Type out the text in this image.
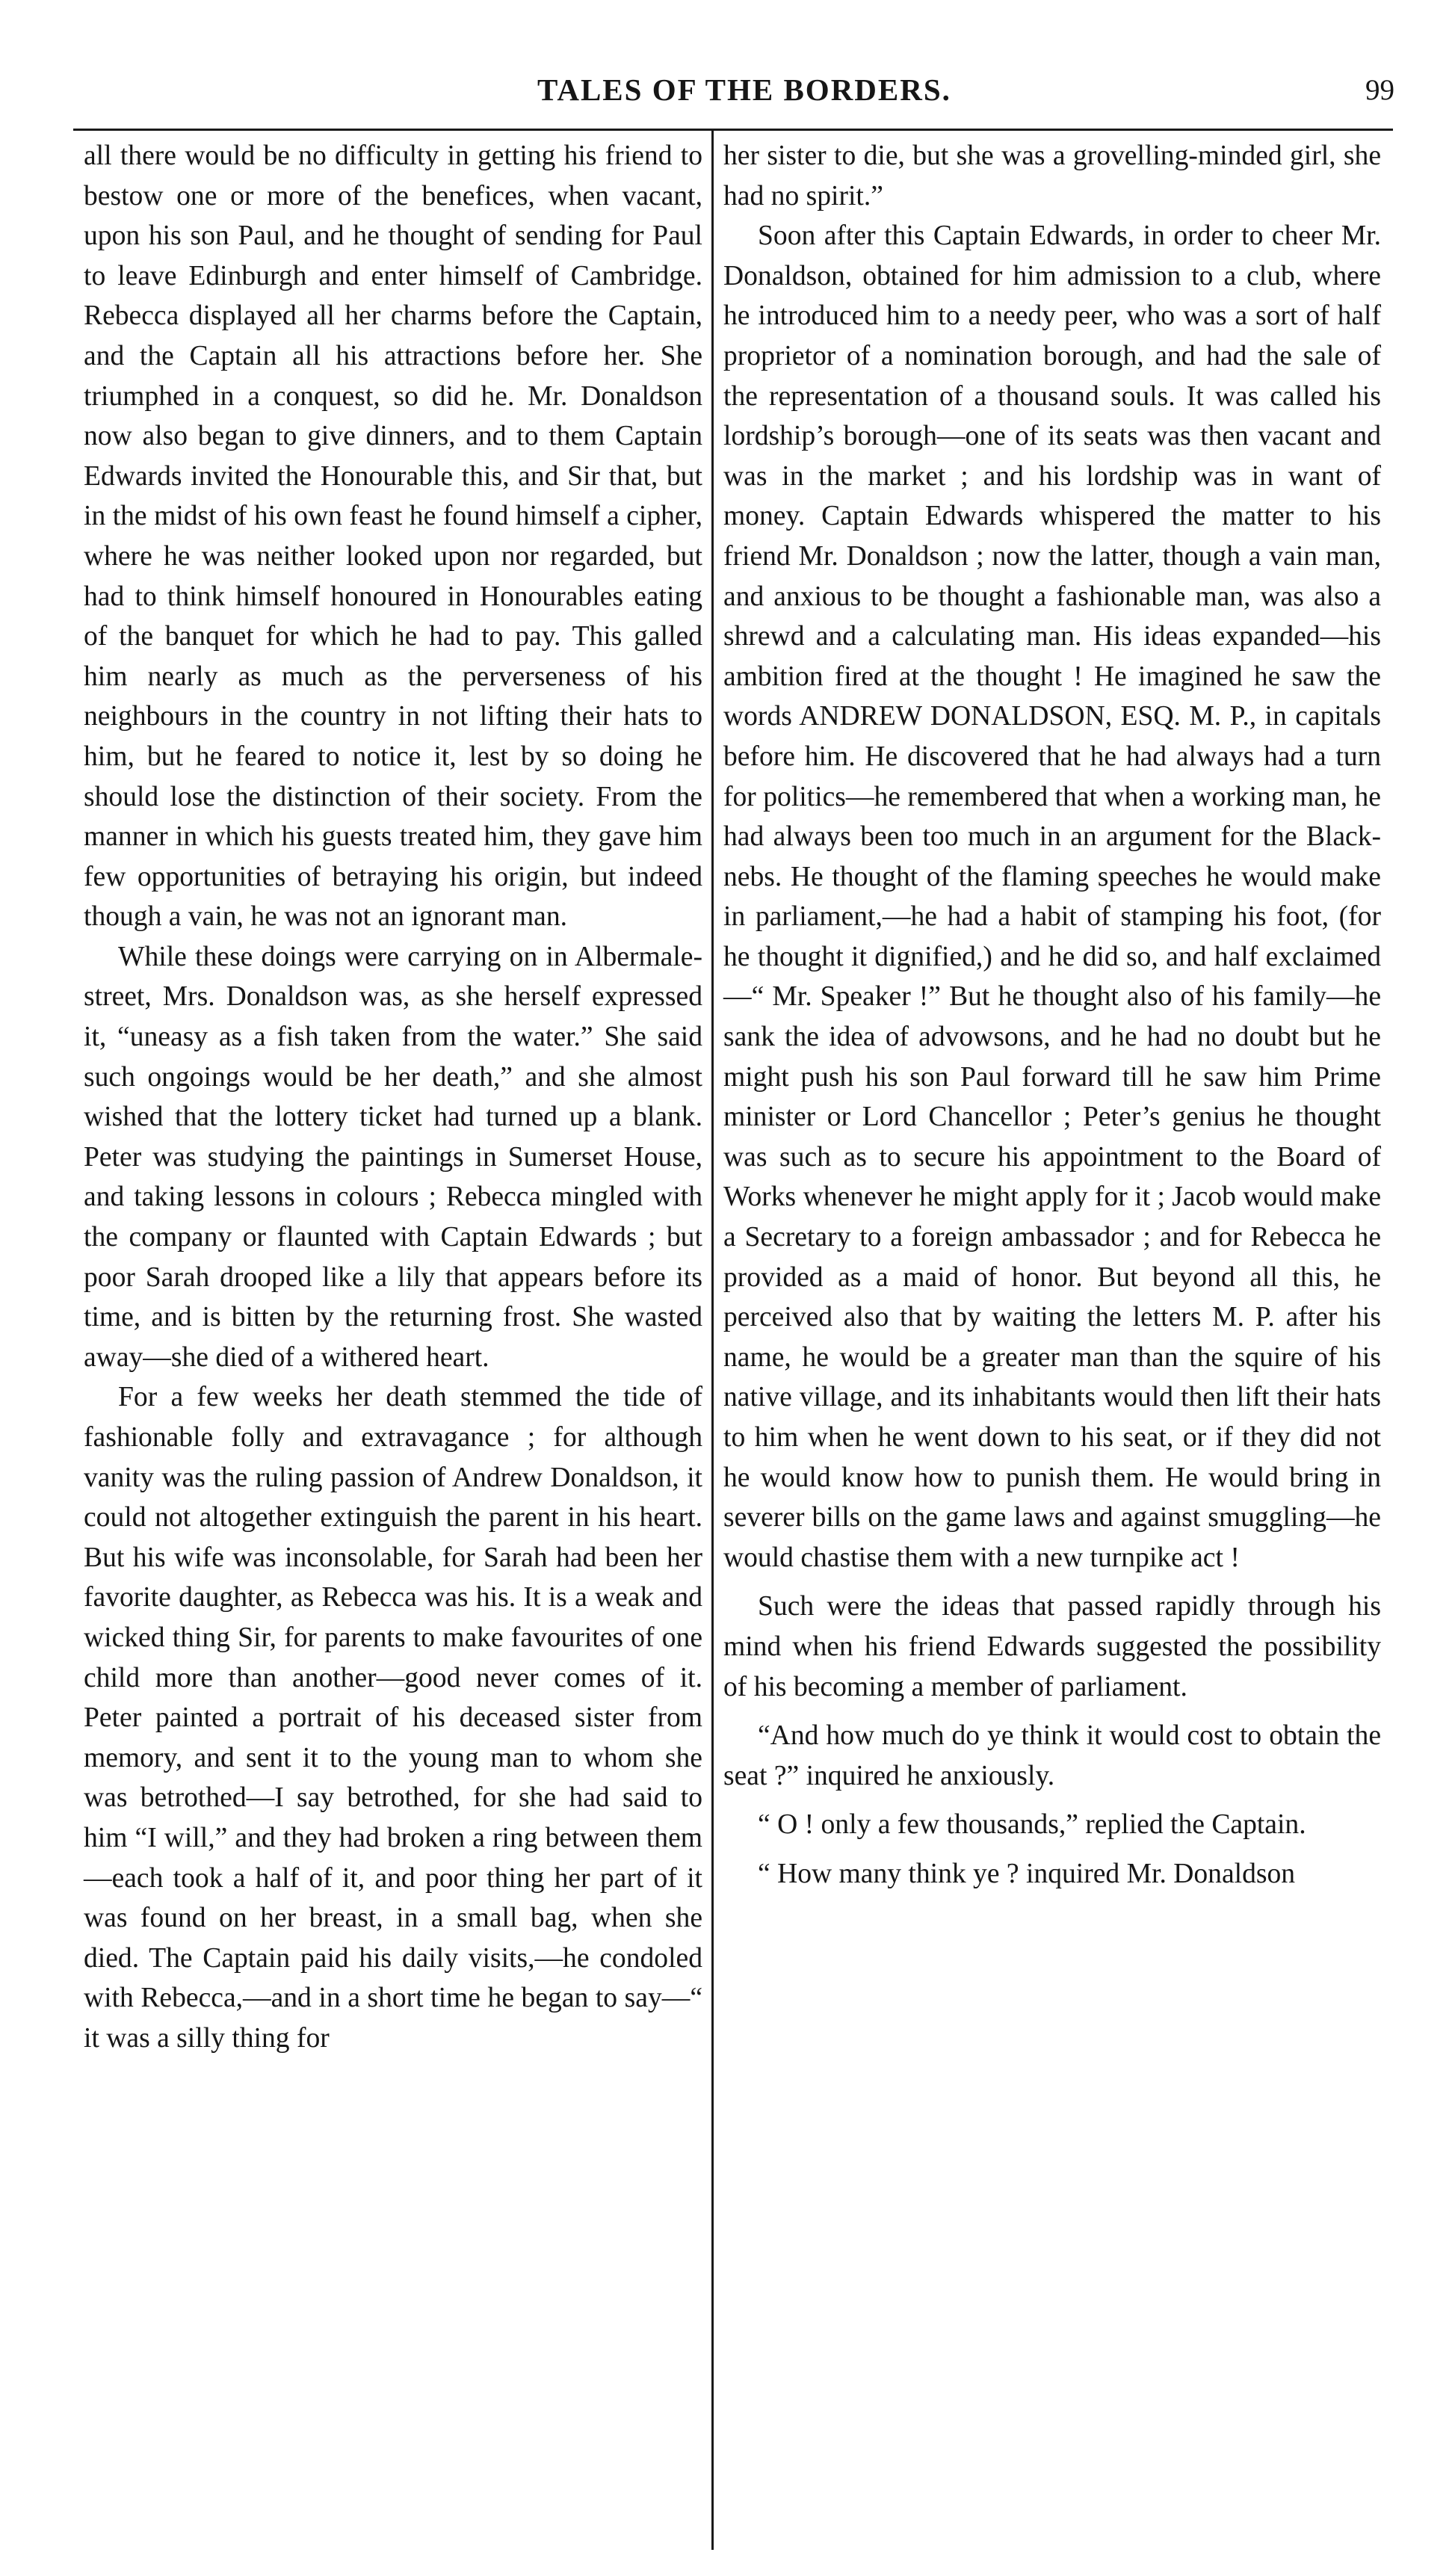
TALES OF THE BORDERS.	99

all there would be no difficulty in getting his friend to bestow one or more of the benefices, when vacant, upon his son Paul, and he thought of sending for Paul to leave Edinburgh and enter himself of Cambridge. Rebecca displayed all her charms before the Captain, and the Captain all his attractions before her. She triumphed in a conquest, so did he. Mr. Donaldson now also began to give dinners, and to them Captain Edwards invited the Honourable this, and Sir that, but in the midst of his own feast he found himself a cipher, where he was neither looked upon nor regarded, but had to think himself honoured in Honourables eating of the banquet for which he had to pay. This galled him nearly as much as the perverseness of his neighbours in the country in not lifting their hats to him, but he feared to notice it, lest by so doing he should lose the distinction of their society. From the manner in which his guests treated him, they gave him few opportunities of betraying his origin, but indeed though a vain, he was not an ignorant man.

While these doings were carrying on in Albermale-street, Mrs. Donaldson was, as she herself expressed it, “uneasy as a fish taken from the water.” She said such ongoings would be her death,” and she almost wished that the lottery ticket had turned up a blank. Peter was studying the paintings in Sumerset House, and taking lessons in colours ; Rebecca mingled with the company or flaunted with Captain Edwards ; but poor Sarah drooped like a lily that appears before its time, and is bitten by the returning frost. She wasted away—she died of a withered heart.

For a few weeks her death stemmed the tide of fashionable folly and extravagance ; for although vanity was the ruling passion of Andrew Donaldson, it could not altogether extinguish the parent in his heart. But his wife was inconsolable, for Sarah had been her favorite daughter, as Rebecca was his. It is a weak and wicked thing Sir, for parents to make favourites of one child more than another—good never comes of it. Peter painted a portrait of his deceased sister from memory, and sent it to the young man to whom she was betrothed—I say betrothed, for she had said to him “I will,” and they had broken a ring between them—each took a half of it, and poor thing her part of it was found on her breast, in a small bag, when she died. The Captain paid his daily visits,—he condoled with Rebecca,—and in a short time he began to say—“ it was a silly thing for

her sister to die, but she was a grovelling-minded girl, she had no spirit.”

Soon after this Captain Edwards, in order to cheer Mr. Donaldson, obtained for him admission to a club, where he introduced him to a needy peer, who was a sort of half proprietor of a nomination borough, and had the sale of the representation of a thousand souls. It was called his lordship’s borough—one of its seats was then vacant and was in the market ; and his lordship was in want of money. Captain Edwards whispered the matter to his friend Mr. Donaldson ; now the latter, though a vain man, and anxious to be thought a fashionable man, was also a shrewd and a calculating man. His ideas expanded—his ambition fired at the thought ! He imagined he saw the words ANDREW DONALDSON, ESQ. M. P., in capitals before him. He discovered that he had always had a turn for politics—he remembered that when a working man, he had always been too much in an argument for the Black-nebs. He thought of the flaming speeches he would make in parliament,—he had a habit of stamping his foot, (for he thought it dignified,) and he did so, and half exclaimed—“ Mr. Speaker !” But he thought also of his family—he sank the idea of advowsons, and he had no doubt but he might push his son Paul forward till he saw him Prime minister or Lord Chancellor ; Peter’s genius he thought was such as to secure his appointment to the Board of Works whenever he might apply for it ; Jacob would make a Secretary to a foreign ambassador ; and for Rebecca he provided as a maid of honor. But beyond all this, he perceived also that by waiting the letters M. P. after his name, he would be a greater man than the squire of his native village, and its inhabitants would then lift their hats to him when he went down to his seat, or if they did not he would know how to punish them. He would bring in severer bills on the game laws and against smuggling—he would chastise them with a new turnpike act !

Such were the ideas that passed rapidly through his mind when his friend Edwards suggested the possibility of his becoming a member of parliament.

“And how much do ye think it would cost to obtain the seat ?” inquired he anxiously.

“ O ! only a few thousands,” replied the Captain.

“ How many think ye ? inquired Mr. Donaldson
